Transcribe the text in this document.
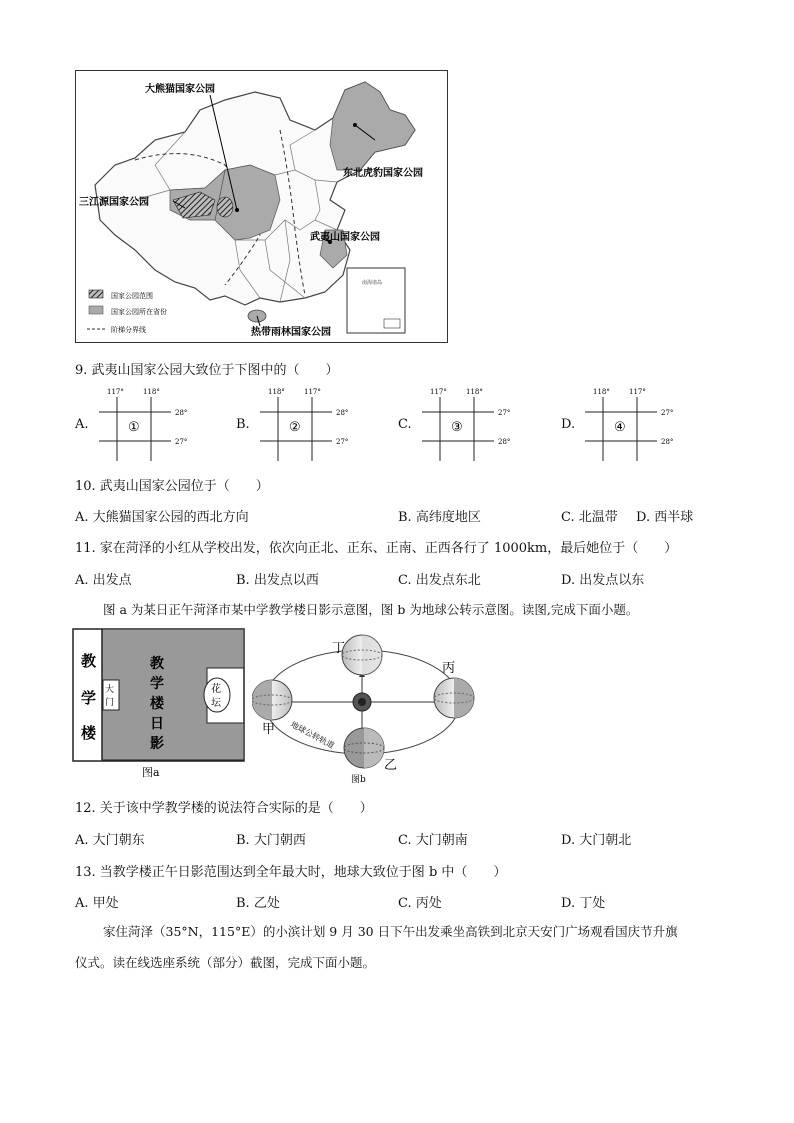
南海诸岛
大熊猫国家公园
东北虎豹国家公园
三江源国家公园
武夷山国家公园
热带雨林国家公园
国家公园范围
国家公园所在省份
阶梯分界线
9. 武夷山国家公园大致位于下图中的（　　）
A.
117°	118°
28°
27°
①	B.
118°	117°
28°
27°
②	C.
117°	118°
27°
28°
③	D.
118°	117°
27°
28°
④
10. 武夷山国家公园位于（　　）
A. 大熊猫国家公园的西北方向	B. 高纬度地区	C. 北温带 D. 西半球
11. 家在菏泽的小红从学校出发，依次向正北、正东、正南、正西各行了 1000km，最后她位于（　　）
A. 出发点	B. 出发点以西	C. 出发点东北	D. 出发点以东
图 a 为某日正午菏泽市某中学教学楼日影示意图，图 b 为地球公转示意图。读图,完成下面小题。
教
学
楼
大
门
教
学
楼
日
影
花
坛
图a
地球公转轨道
丁
丙
甲
乙
图b
12. 关于该中学教学楼的说法符合实际的是（　　）
A. 大门朝东	B. 大门朝西	C. 大门朝南	D. 大门朝北
13. 当教学楼正午日影范围达到全年最大时，地球大致位于图 b 中（　　）
A. 甲处	B. 乙处	C. 丙处	D. 丁处
家住菏泽（35°N，115°E）的小滨计划 9 月 30 日下午出发乘坐高铁到北京天安门广场观看国庆节升旗
仪式。读在线选座系统（部分）截图，完成下面小题。
